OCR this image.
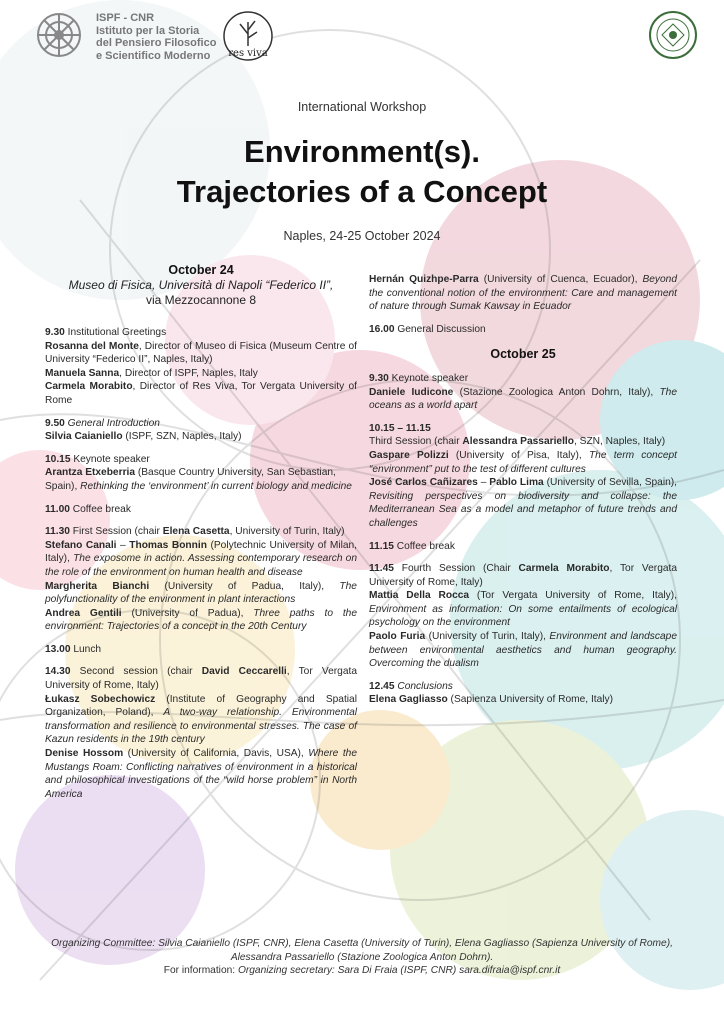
ISPF - CNR
Istituto per la Storia
del Pensiero Filosofico
e Scientifico Moderno	res viva
International Workshop
Environment(s).
Trajectories of a Concept
Naples, 24-25 October 2024
October 24
Museo di Fisica, Università di Napoli “Federico II”,
via Mezzocannone 8

9.30 Institutional Greetings

Rosanna del Monte, Director of Museo di Fisica (Museum Centre of University “Federico II”, Naples, Italy)

Manuela Sanna, Director of ISPF, Naples, Italy

Carmela Morabito, Director of Res Viva, Tor Vergata University of Rome

9.50 General Introduction

Silvia Caianiello (ISPF, SZN, Naples, Italy)

10.15 Keynote speaker

Arantza Etxeberria (Basque Country University, San Sebastian, Spain), Rethinking the ‘environment’ in current biology and medicine

11.00 Coffee break

11.30 First Session (chair Elena Casetta, University of Turin, Italy)

Stefano Canali – Thomas Bonnin (Polytechnic University of Milan, Italy), The exposome in action. Assessing contemporary research on the role of the environment on human health and disease

Margherita Bianchi (University of Padua, Italy), The polyfunctionality of the environment in plant interactions

Andrea Gentili (University of Padua), Three paths to the environment: Trajectories of a concept in the 20th Century

13.00 Lunch

14.30 Second session (chair David Ceccarelli, Tor Vergata University of Rome, Italy)

Łukasz Sobechowicz (Institute of Geography and Spatial Organization, Poland), A two-way relationship. Environmental transformation and resilience to environmental stresses. The case of Kazun residents in the 19th century

Denise Hossom (University of California, Davis, USA), Where the Mustangs Roam: Conflicting narratives of environment in a historical and philosophical investigations of the “wild horse problem” in North America

Hernán Quizhpe-Parra (University of Cuenca, Ecuador), Beyond the conventional notion of the environment: Care and management of nature through Sumak Kawsay in Ecuador

16.00 General Discussion

October 25

9.30 Keynote speaker

Daniele Iudicone (Stazione Zoologica Anton Dohrn, Italy), The oceans as a world apart

10.15 – 11.15

Third Session (chair Alessandra Passariello, SZN, Naples, Italy)

Gaspare Polizzi (University of Pisa, Italy), The term concept “environment” put to the test of different cultures

José Carlos Cañizares – Pablo Lima (University of Sevilla, Spain), Revisiting perspectives on biodiversity and collapse: the Mediterranean Sea as a model and metaphor of future trends and challenges

11.15 Coffee break

11.45 Fourth Session (Chair Carmela Morabito, Tor Vergata University of Rome, Italy)

Mattia Della Rocca (Tor Vergata University of Rome, Italy), Environment as information: On some entailments of ecological psychology on the environment

Paolo Furia (University of Turin, Italy), Environment and landscape between environmental aesthetics and human geography. Overcoming the dualism

12.45 Conclusions

Elena Gagliasso (Sapienza University of Rome, Italy)

Organizing Committee: Silvia Caianiello (ISPF, CNR), Elena Casetta (University of Turin), Elena Gagliasso (Sapienza University of Rome), Alessandra Passariello (Stazione Zoologica Anton Dohrn).
For information: Organizing secretary: Sara Di Fraia (ISPF, CNR) sara.difraia@ispf.cnr.it
